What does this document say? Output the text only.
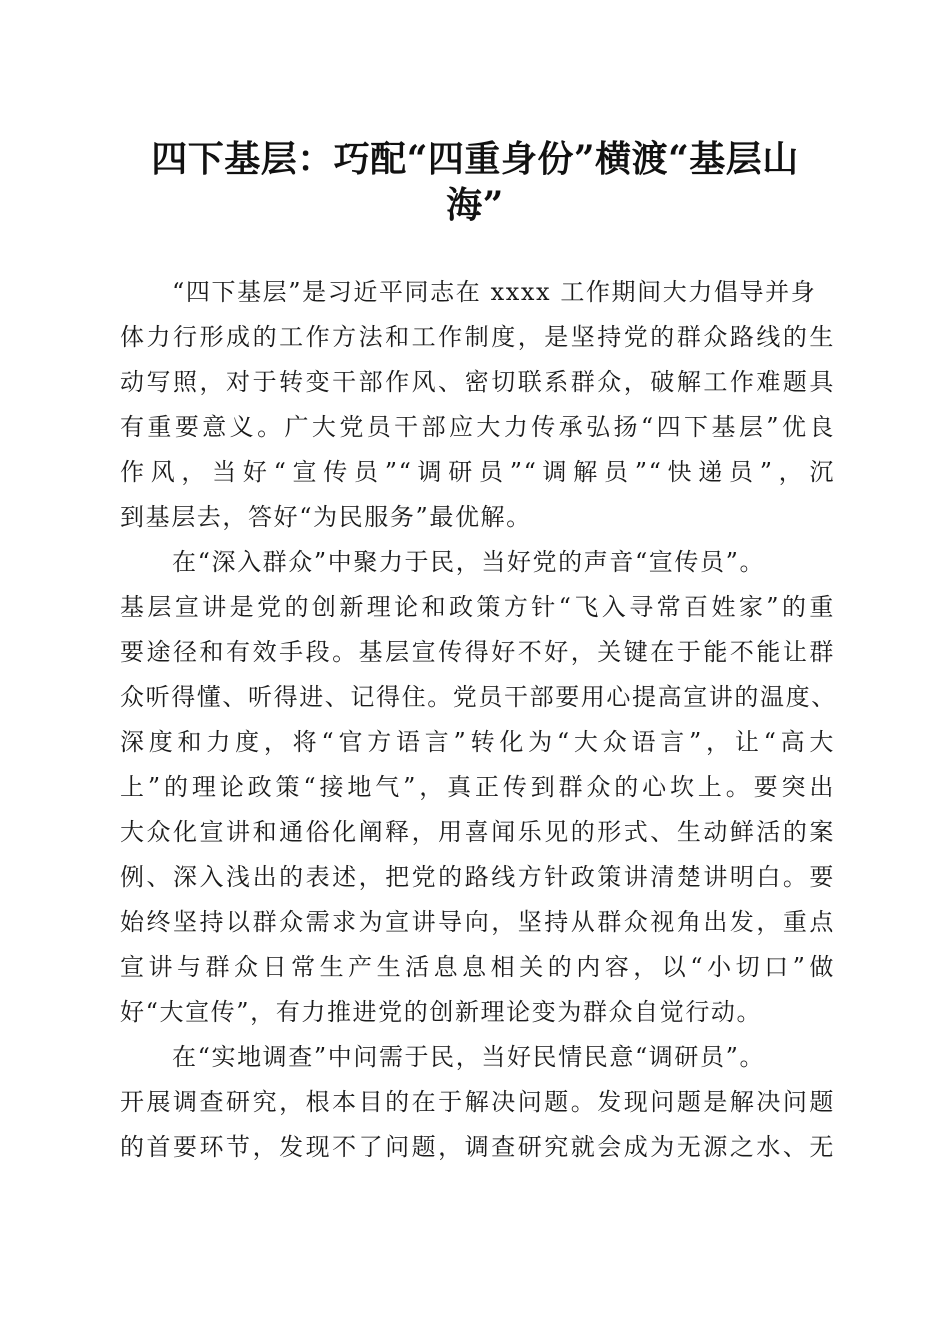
四下基层：巧配“四重身份”横渡“基层山
海”
“四下基层”是习近平同志在 xxxx 工作期间大力倡导并身
体力行形成的工作方法和工作制度，是坚持党的群众路线的生
动写照，对于转变干部作风、密切联系群众，破解工作难题具
有重要意义。广大党员干部应大力传承弘扬“四下基层”优良
作风，当好“宣传员”“调研员”“调解员”“快递员”，沉
到基层去，答好“为民服务”最优解。
在“深入群众”中聚力于民，当好党的声音“宣传员”。
基层宣讲是党的创新理论和政策方针“飞入寻常百姓家”的重
要途径和有效手段。基层宣传得好不好，关键在于能不能让群
众听得懂、听得进、记得住。党员干部要用心提高宣讲的温度、
深度和力度，将“官方语言”转化为“大众语言”，让“高大
上”的理论政策“接地气”，真正传到群众的心坎上。要突出
大众化宣讲和通俗化阐释，用喜闻乐见的形式、生动鲜活的案
例、深入浅出的表述，把党的路线方针政策讲清楚讲明白。要
始终坚持以群众需求为宣讲导向，坚持从群众视角出发，重点
宣讲与群众日常生产生活息息相关的内容，以“小切口”做
好“大宣传”，有力推进党的创新理论变为群众自觉行动。
在“实地调查”中问需于民，当好民情民意“调研员”。
开展调查研究，根本目的在于解决问题。发现问题是解决问题
的首要环节，发现不了问题，调查研究就会成为无源之水、无
